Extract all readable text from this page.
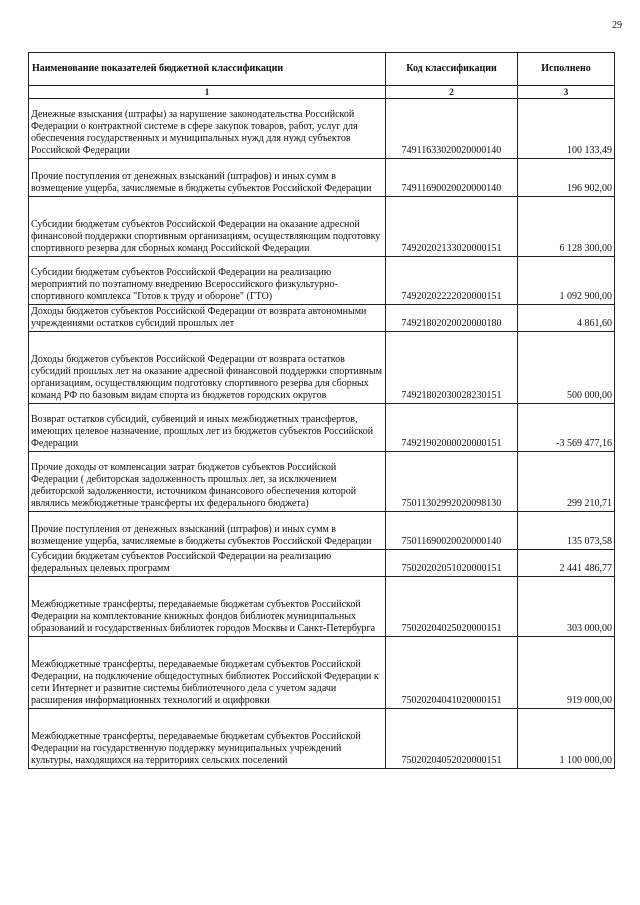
29
Наименование показателей бюджетной классификации	Код классификации	Исполнено
1	2	3
Денежные взыскания (штрафы) за нарушение законодательства Российской Федерации о контрактной системе в сфере закупок товаров, работ, услуг для обеспечения государственных и муниципальных нужд для нужд субъектов Российской Федерации	74911633020020000140	100 133,49
Прочие поступления от денежных взысканий (штрафов) и иных сумм в возмещение ущерба, зачисляемые в бюджеты субъектов Российской Федерации	74911690020020000140	196 902,00
Субсидии бюджетам субъектов Российской Федерации на оказание адресной финансовой поддержки спортивным организациям, осуществляющим подготовку спортивного резерва для сборных команд Российской Федерации	74920202133020000151	6 128 300,00
Субсидии бюджетам субъектов Российской Федерации на реализацию мероприятий по поэтапному внедрению Всероссийского физкультурно-спортивного комплекса "Готов к труду и обороне" (ГТО)	74920202222020000151	1 092 900,00
Доходы бюджетов субъектов Российской Федерации от возврата автономными учреждениями остатков субсидий прошлых лет	74921802020020000180	4 861,60
Доходы бюджетов субъектов Российской Федерации от возврата остатков субсидий прошлых лет на оказание адресной финансовой поддержки спортивным организациям, осуществляющим подготовку спортивного резерва для сборных команд РФ по базовым видам спорта из бюджетов городских округов	74921802030028230151	500 000,00
Возврат остатков субсидий, субвенций и иных межбюджетных трансфертов, имеющих целевое назначение, прошлых лет из бюджетов субъектов Российской Федерации	74921902000020000151	-3 569 477,16
Прочие доходы от компенсации затрат бюджетов субъектов Российской Федерации ( дебиторская задолженность прошлых лет, за исключением дебиторской задолженности, источником финансового обеспечения которой являлись межбюджетные трансферты их федерального бюджета)	75011302992020098130	299 210,71
Прочие поступления от денежных взысканий (штрафов) и иных сумм в возмещение ущерба, зачисляемые в бюджеты субъектов Российской Федерации	75011690020020000140	135 073,58
Субсидии бюджетам субъектов Российской Федерации на реализацию федеральных целевых программ	75020202051020000151	2 441 486,77
Межбюджетные трансферты, передаваемые бюджетам субъектов Российской Федерации на комплектование книжных фондов библиотек муниципальных образований и государственных библиотек городов Москвы и Санкт-Петербурга	75020204025020000151	303 000,00
Межбюджетные трансферты, передаваемые бюджетам субъектов Российской Федерации, на подключение общедоступных библиотек Российской Федерации к сети Интернет и развитие системы библиотечного дела с учетом задачи расширения информационных технологий и оцифровки	75020204041020000151	919 000,00
Межбюджетные трансферты, передаваемые бюджетам субъектов Российской Федерации на государственную поддержку муниципальных учреждений культуры, находящихся на территориях сельских поселений	75020204052020000151	1 100 000,00
